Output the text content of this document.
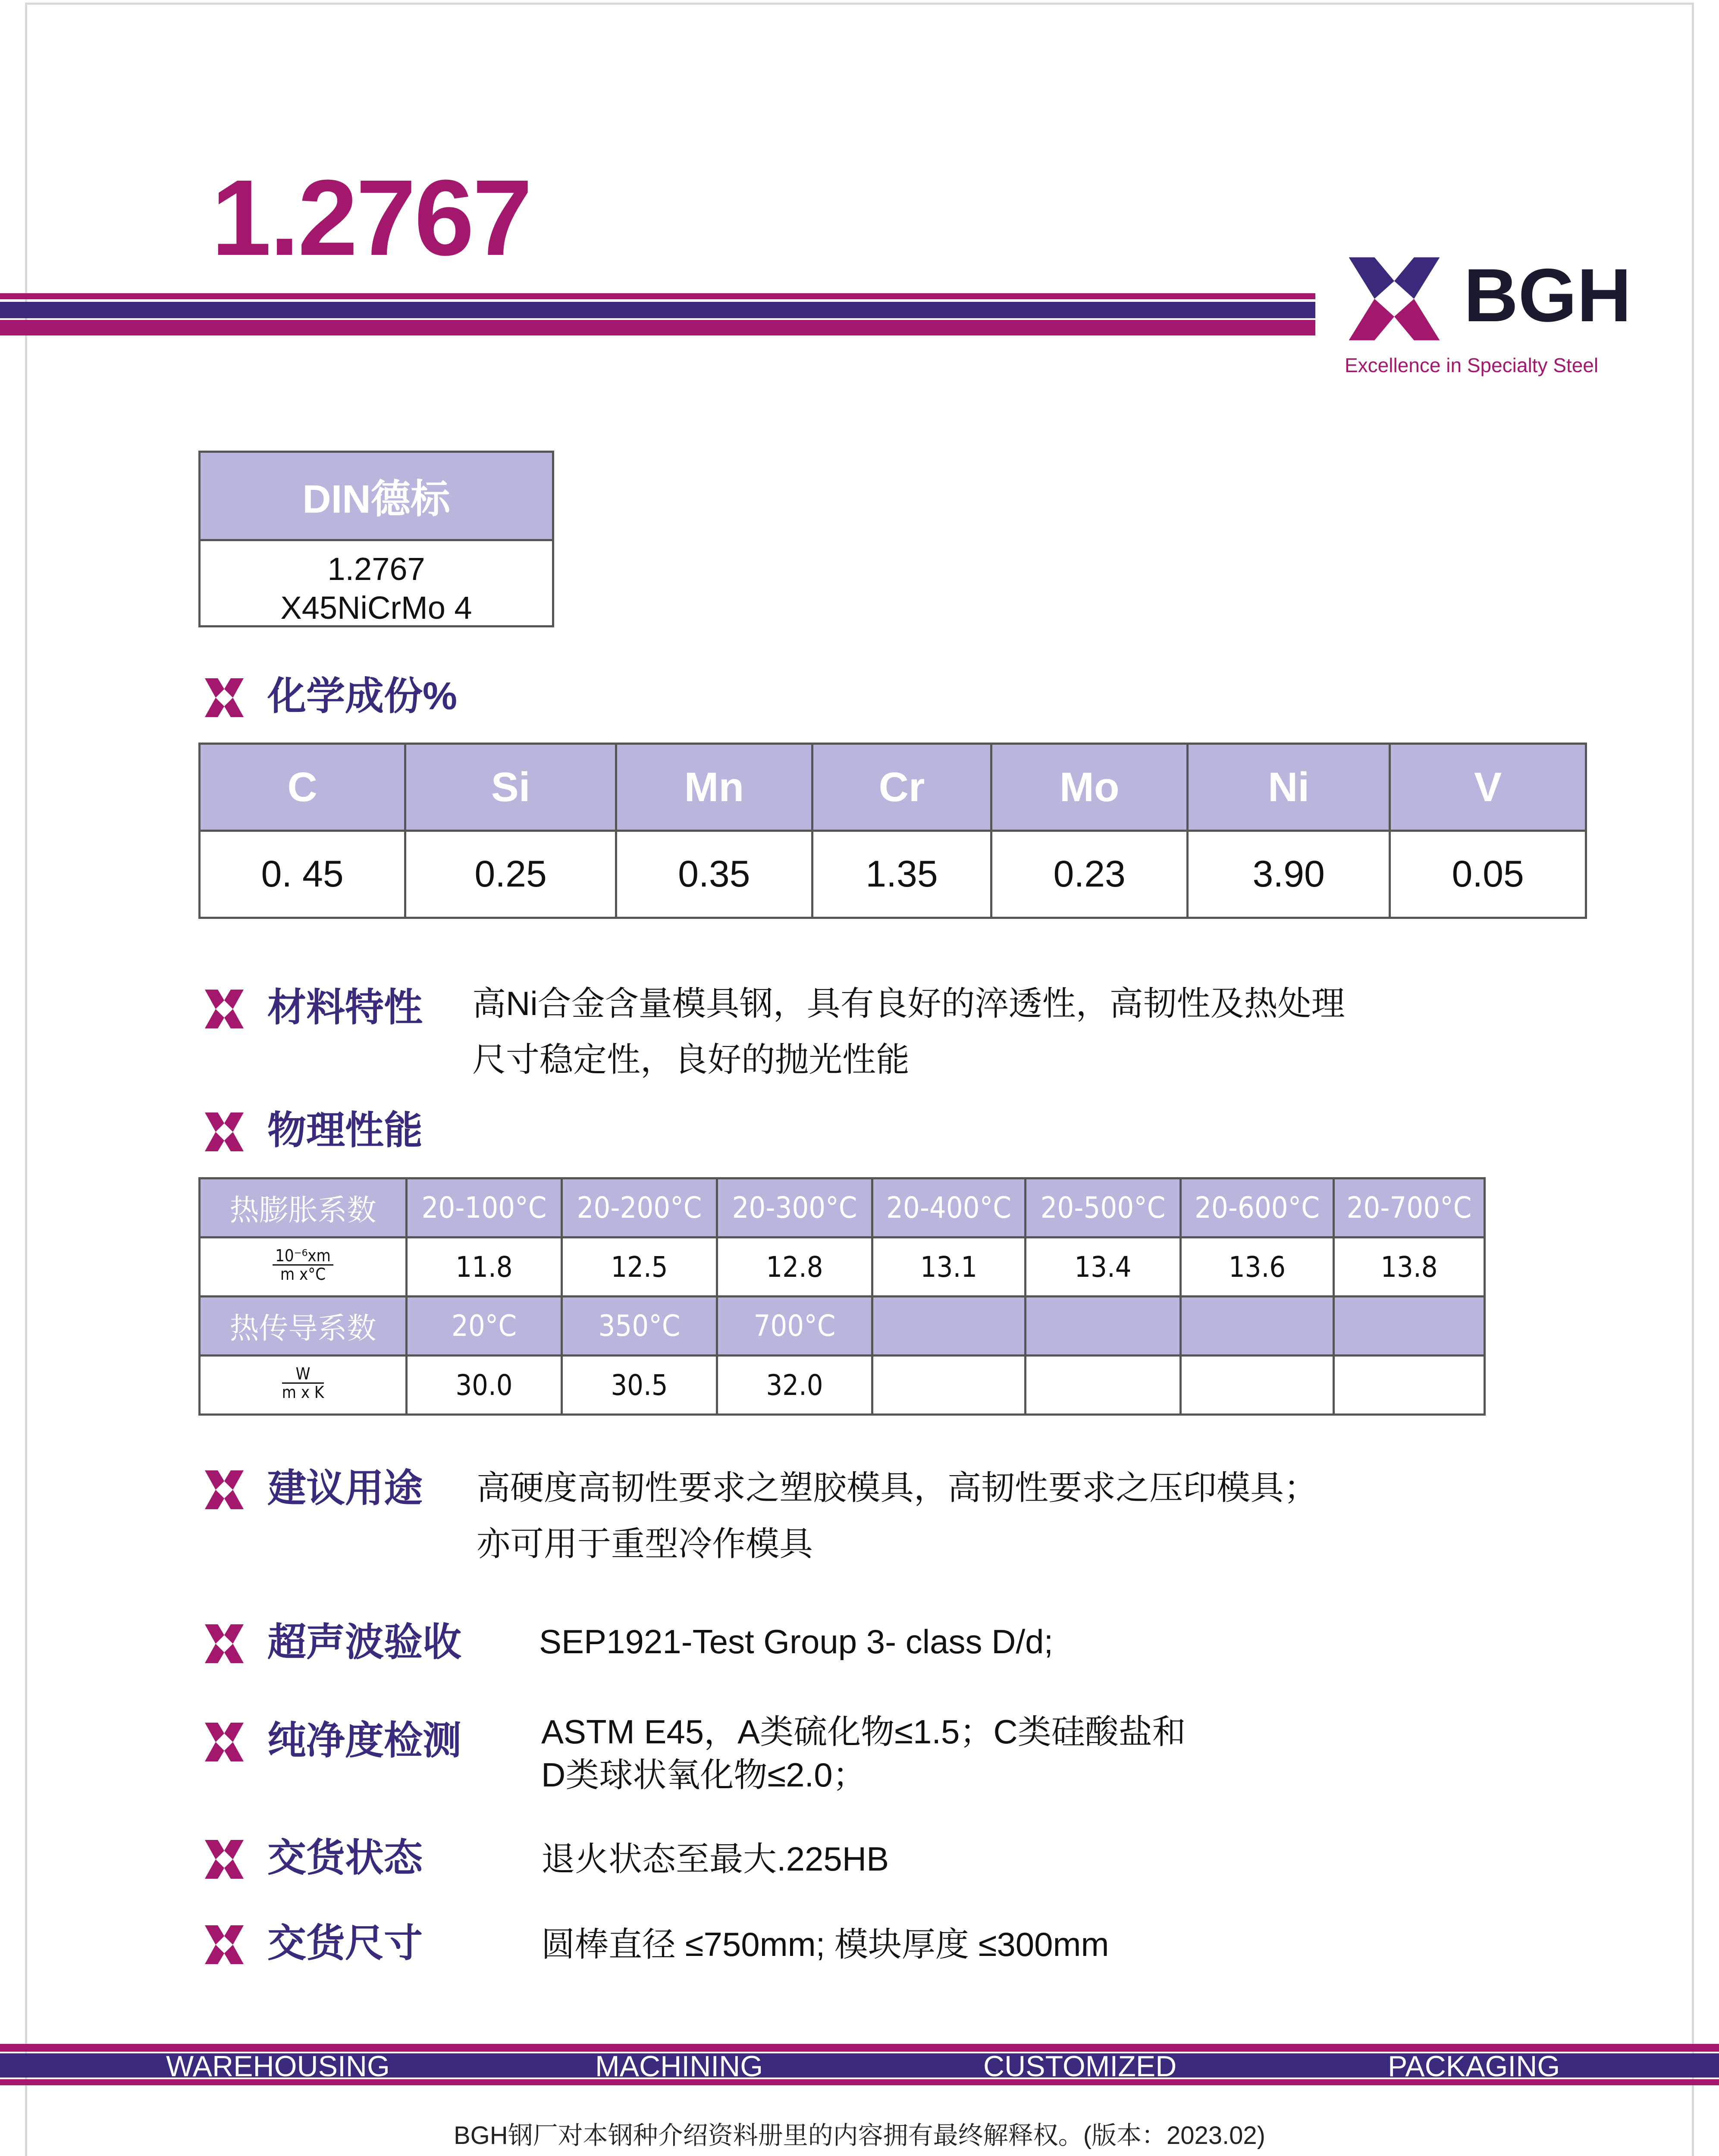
1.2767
BGH
Excellence in Specialty Steel
DIN德标
1.2767
X45NiCrMo 4
化学成份%
C	Si	Mn	Cr	Mo	Ni	V
0. 45	0.25	0.35	1.35	0.23	3.90	0.05
材料特性 高Ni合金含量模具钢，具有良好的淬透性，高韧性及热处理
尺寸稳定性，良好的抛光性能
物理性能
热膨胀系数	20-100°C	20-200°C	20-300°C	20-400°C	20-500°C	20-600°C	20-700°C

$\frac{\text{10⁻⁶xm}}{\text{m x°C}}$	11.8	12.5	12.8	13.1	13.4	13.6	13.8
热传导系数	20°C	350°C	700°C				

$\frac{W}{\text{m x K}}$	30.0	30.5	32.0				
建议用途 高硬度高韧性要求之塑胶模具，高韧性要求之压印模具；
亦可用于重型冷作模具
超声波验收 SEP1921-Test Group 3- class D/d;
纯净度检测 ASTM E45，A类硫化物≤1.5；C类硅酸盐和
D类球状氧化物≤2.0；
交货状态	退火状态至最大.225HB
交货尺寸	圆棒直径 ≤750mm; 模块厚度 ≤300mm
WAREHOUSING	MACHINING	CUSTOMIZED	PACKAGING
BGH钢厂对本钢种介绍资料册里的内容拥有最终解释权。(版本：2023.02)
